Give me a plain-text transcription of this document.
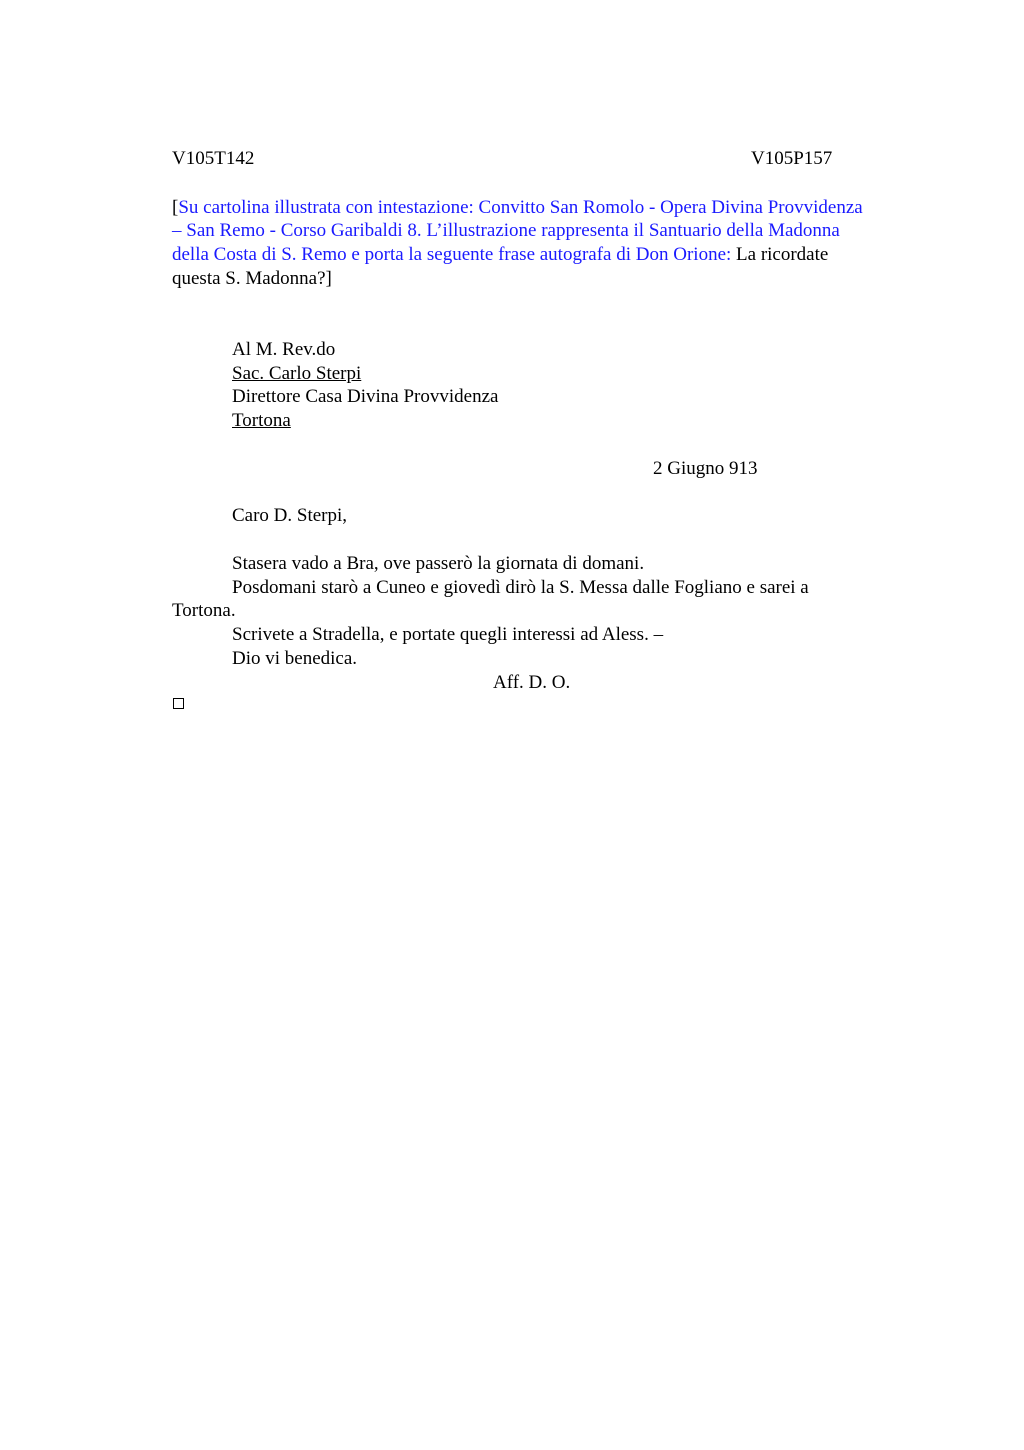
V105T142	V105P157
[Su cartolina illustrata con intestazione: Convitto San Romolo - Opera Divina Provvidenza
– San Remo - Corso Garibaldi 8. L’illustrazione rappresenta il Santuario della Madonna
della Costa di S. Remo e porta la seguente frase autografa di Don Orione: La ricordate
questa S. Madonna?]
Al M. Rev.do
Sac. Carlo Sterpi
Direttore Casa Divina Provvidenza
Tortona
2 Giugno 913
Caro D. Sterpi,
Stasera vado a Bra, ove passerò la giornata di domani.
Posdomani starò a Cuneo e giovedì dirò la S. Messa dalle Fogliano e sarei a
Tortona.
Scrivete a Stradella, e portate quegli interessi ad Aless. –
Dio vi benedica.
Aff. D. O.
